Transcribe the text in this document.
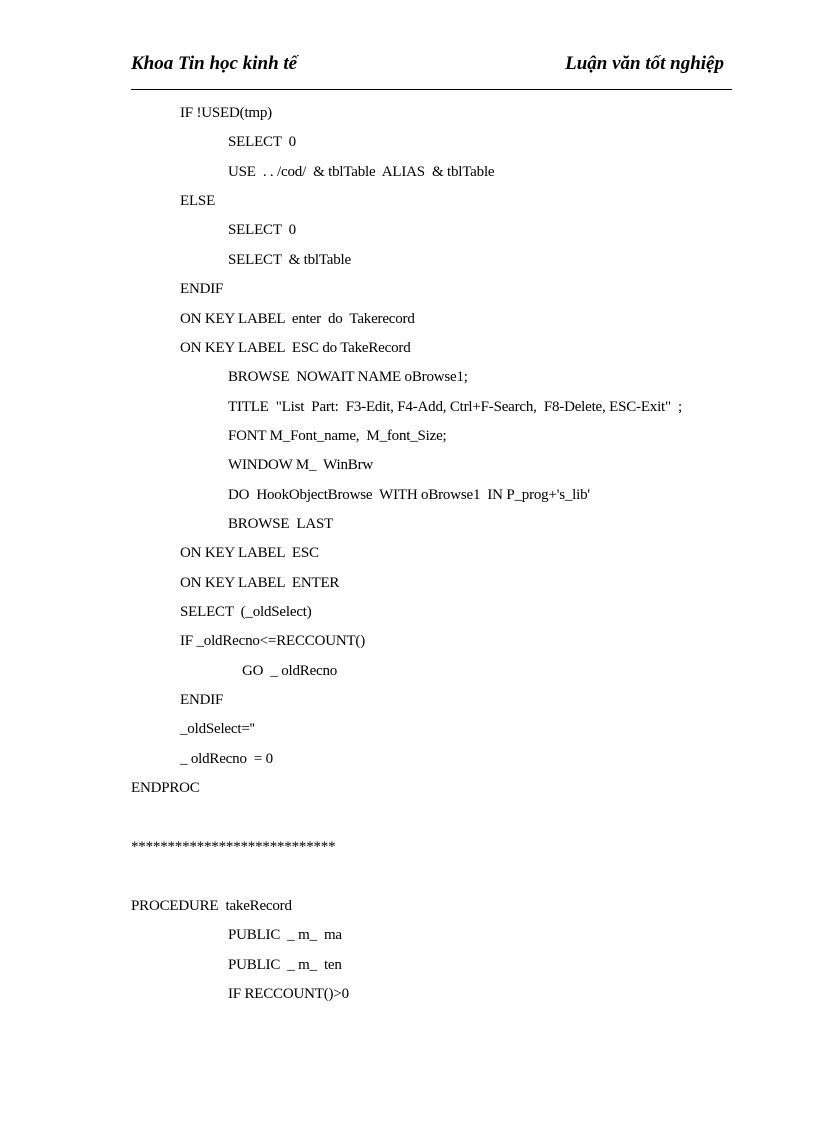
Khoa Tin học kinh tế	Luận văn tốt nghiệp
IF !USED(tmp)
SELECT  0
USE  . . /cod/  & tblTable  ALIAS  & tblTable
ELSE
SELECT  0
SELECT  & tblTable
ENDIF
ON KEY LABEL  enter  do  Takerecord
ON KEY LABEL  ESC do TakeRecord
BROWSE  NOWAIT NAME oBrowse1;
TITLE  "List  Part:  F3-Edit, F4-Add, Ctrl+F-Search,  F8-Delete, ESC-Exit"  ;
FONT M_Font_name,  M_font_Size;
WINDOW M_  WinBrw
DO  HookObjectBrowse  WITH oBrowse1  IN P_prog+'s_lib'
BROWSE  LAST
ON KEY LABEL  ESC
ON KEY LABEL  ENTER
SELECT  (_oldSelect)
IF _oldRecno<=RECCOUNT()
GO  _ oldRecno
ENDIF
_oldSelect=''
_ oldRecno  = 0
ENDPROC
****************************
PROCEDURE  takeRecord
PUBLIC  _ m_  ma
PUBLIC  _ m_  ten
IF RECCOUNT()>0
